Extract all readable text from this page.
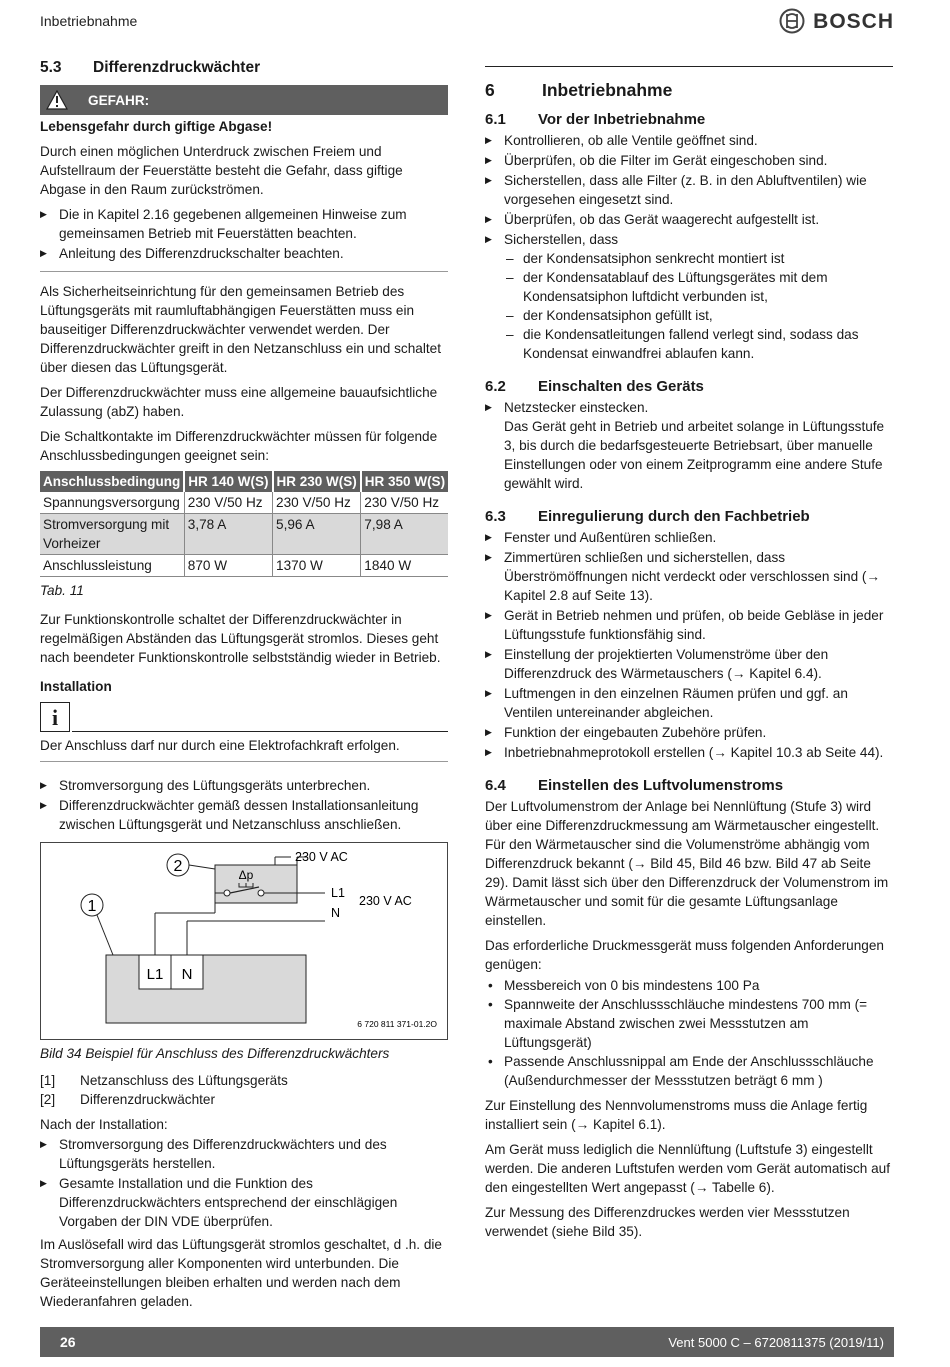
Inbetriebnahme	BOSCH
5.3	Differenzdruckwächter
GEFAHR:

Lebensgefahr durch giftige Abgase!

Durch einen möglichen Unterdruck zwischen Freiem und Aufstellraum der Feuerstätte besteht die Gefahr, dass giftige Abgase in den Raum zurückströmen.

▶ Die in Kapitel 2.16 gegebenen allgemeinen Hinweise zum gemeinsamen Betrieb mit Feuerstätten beachten.
▶ Anleitung des Differenzdruckschalter beachten.

Als Sicherheitseinrichtung für den gemeinsamen Betrieb des Lüftungsgeräts mit raumluftabhängigen Feuerstätten muss ein bauseitiger Differenzdruckwächter verwendet werden. Der Differenzdruckwächter greift in den Netzanschluss ein und schaltet über diesen das Lüftungsgerät.

Der Differenzdruckwächter muss eine allgemeine bauaufsichtliche Zulassung (abZ) haben.

Die Schaltkontakte im Differenzdruckwächter müssen für folgende Anschlussbedingungen geeignet sein:

Anschlussbedingung	HR 140 W(S)	HR 230 W(S)	HR 350 W(S)
Spannungsversorgung	230 V/50 Hz	230 V/50 Hz	230 V/50 Hz
Stromversorgung mit Vorheizer	3,78 A	5,96 A	7,98 A
Anschlussleistung	870 W	1370 W	1840 W
Tab. 11

Zur Funktionskontrolle schaltet der Differenzdruckwächter in regelmäßigen Abständen das Lüftungsgerät stromlos. Dieses geht nach beendeter Funktionskontrolle selbstständig wieder in Betrieb.

Installation

i
Der Anschluss darf nur durch eine Elektrofachkraft erfolgen.
▶ Stromversorgung des Lüftungsgeräts unterbrechen.
▶ Differenzdruckwächter gemäß dessen Installationsanleitung zwischen Lüftungsgerät und Netzanschluss anschließen.
L1 N
Δp
230 V AC
L1
N
230 V AC
1
2
6 720 811 371-01.2O
Bild 34 Beispiel für Anschluss des Differenzdruckwächters
[1]	Netzanschluss des Lüftungsgeräts
[2]	Differenzdruckwächter

Nach der Installation:

▶ Stromversorgung des Differenzdruckwächters und des Lüftungsgeräts herstellen.
▶ Gesamte Installation und die Funktion des Differenzdruckwächters entsprechend der einschlägigen Vorgaben der DIN VDE überprüfen.

Im Auslösefall wird das Lüftungsgerät stromlos geschaltet, d .h. die Stromversorgung aller Komponenten wird unterbunden. Die Geräteeinstellungen bleiben erhalten und werden nach dem Wiederanfahren geladen.

6	Inbetriebnahme
6.1	Vor der Inbetriebnahme
▶ Kontrollieren, ob alle Ventile geöffnet sind.
▶ Überprüfen, ob die Filter im Gerät eingeschoben sind.
▶ Sicherstellen, dass alle Filter (z. B. in den Abluftventilen) wie vorgesehen eingesetzt sind.
▶ Überprüfen, ob das Gerät waagerecht aufgestellt ist.
▶ Sicherstellen, dass
– der Kondensatsiphon senkrecht montiert ist
– der Kondensatablauf des Lüftungsgerätes mit dem Kondensatsiphon luftdicht verbunden ist,
– der Kondensatsiphon gefüllt ist,
– die Kondensatleitungen fallend verlegt sind, sodass das Kondensat einwandfrei ablaufen kann.
6.2	Einschalten des Geräts
▶ Netzstecker einstecken.
Das Gerät geht in Betrieb und arbeitet solange in Lüftungsstufe 3, bis durch die bedarfsgesteuerte Betriebsart, über manuelle Einstellungen oder von einem Zeitprogramm eine andere Stufe gewählt wird.
6.3	Einregulierung durch den Fachbetrieb
▶ Fenster und Außentüren schließen.
▶ Zimmertüren schließen und sicherstellen, dass Überströmöffnungen nicht verdeckt oder verschlossen sind (→ Kapitel 2.8 auf Seite 13).
▶ Gerät in Betrieb nehmen und prüfen, ob beide Gebläse in jeder Lüftungsstufe funktionsfähig sind.
▶ Einstellung der projektierten Volumenströme über den Differenzdruck des Wärmetauschers (→ Kapitel 6.4).
▶ Luftmengen in den einzelnen Räumen prüfen und ggf. an Ventilen untereinander abgleichen.
▶ Funktion der eingebauten Zubehöre prüfen.
▶ Inbetriebnahmeprotokoll erstellen (→ Kapitel 10.3 ab Seite 44).
6.4	Einstellen des Luftvolumenstroms

Der Luftvolumenstrom der Anlage bei Nennlüftung (Stufe 3) wird über eine Differenzdruckmessung am Wärmetauscher eingestellt. Für den Wärmetauscher sind die Volumenströme abhängig vom Differenzdruck bekannt (→ Bild 45, Bild 46 bzw. Bild 47 ab Seite 29). Damit lässt sich über den Differenzdruck der Volumenstrom im Wärmetauscher und somit für die gesamte Lüftungsanlage einstellen.

Das erforderliche Druckmessgerät muss folgenden Anforderungen genügen:

• Messbereich von 0 bis mindestens 100 Pa
• Spannweite der Anschlussschläuche mindestens 700 mm (= maximale Abstand zwischen zwei Messstutzen am Lüftungsgerät)
• Passende Anschlussnippal am Ende der Anschlussschläuche (Außendurchmesser der Messstutzen beträgt 6 mm )

Zur Einstellung des Nennvolumenstroms muss die Anlage fertig installiert sein (→ Kapitel 6.1).

Am Gerät muss lediglich die Nennlüftung (Luftstufe 3) eingestellt werden. Die anderen Luftstufen werden vom Gerät automatisch auf den eingestellten Wert angepasst (→ Tabelle 6).

Zur Messung des Differenzdruckes werden vier Messstutzen verwendet (siehe Bild 35).

26	Vent 5000 C – 6720811375 (2019/11)
